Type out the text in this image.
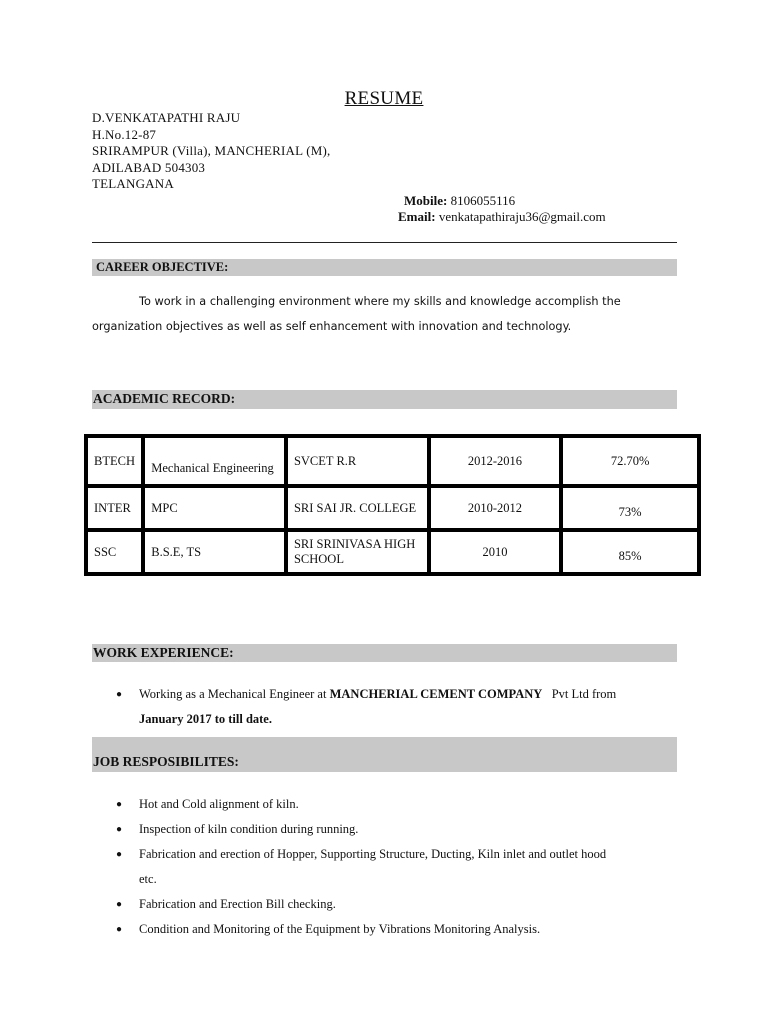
RESUME
D.VENKATAPATHI RAJU
H.No.12-87
SRIRAMPUR (Villa), MANCHERIAL (M),
ADILABAD 504303
TELANGANA
Mobile: 8106055116
Email: venkatapathiraju36@gmail.com
CAREER OBJECTIVE:
To work in a challenging environment where my skills and knowledge accomplish the
organization objectives as well as self enhancement with innovation and technology.
ACADEMIC RECORD:
BTECH	Mechanical Engineering	SVCET R.R	2012-2016	72.70%
INTER	MPC	SRI SAI JR. COLLEGE	2010-2012	73%
SSC	B.S.E, TS	SRI SRINIVASA HIGH SCHOOL	2010	85%
WORK EXPERIENCE:
● Working as a Mechanical Engineer at MANCHERIAL CEMENT COMPANY Pvt Ltd from
January 2017 to till date.
JOB RESPOSIBILITES:
● Hot and Cold alignment of kiln.
● Inspection of kiln condition during running.
● Fabrication and erection of Hopper, Supporting Structure, Ducting, Kiln inlet and outlet hood
etc.
● Fabrication and Erection Bill checking.
● Condition and Monitoring of the Equipment by Vibrations Monitoring Analysis.
